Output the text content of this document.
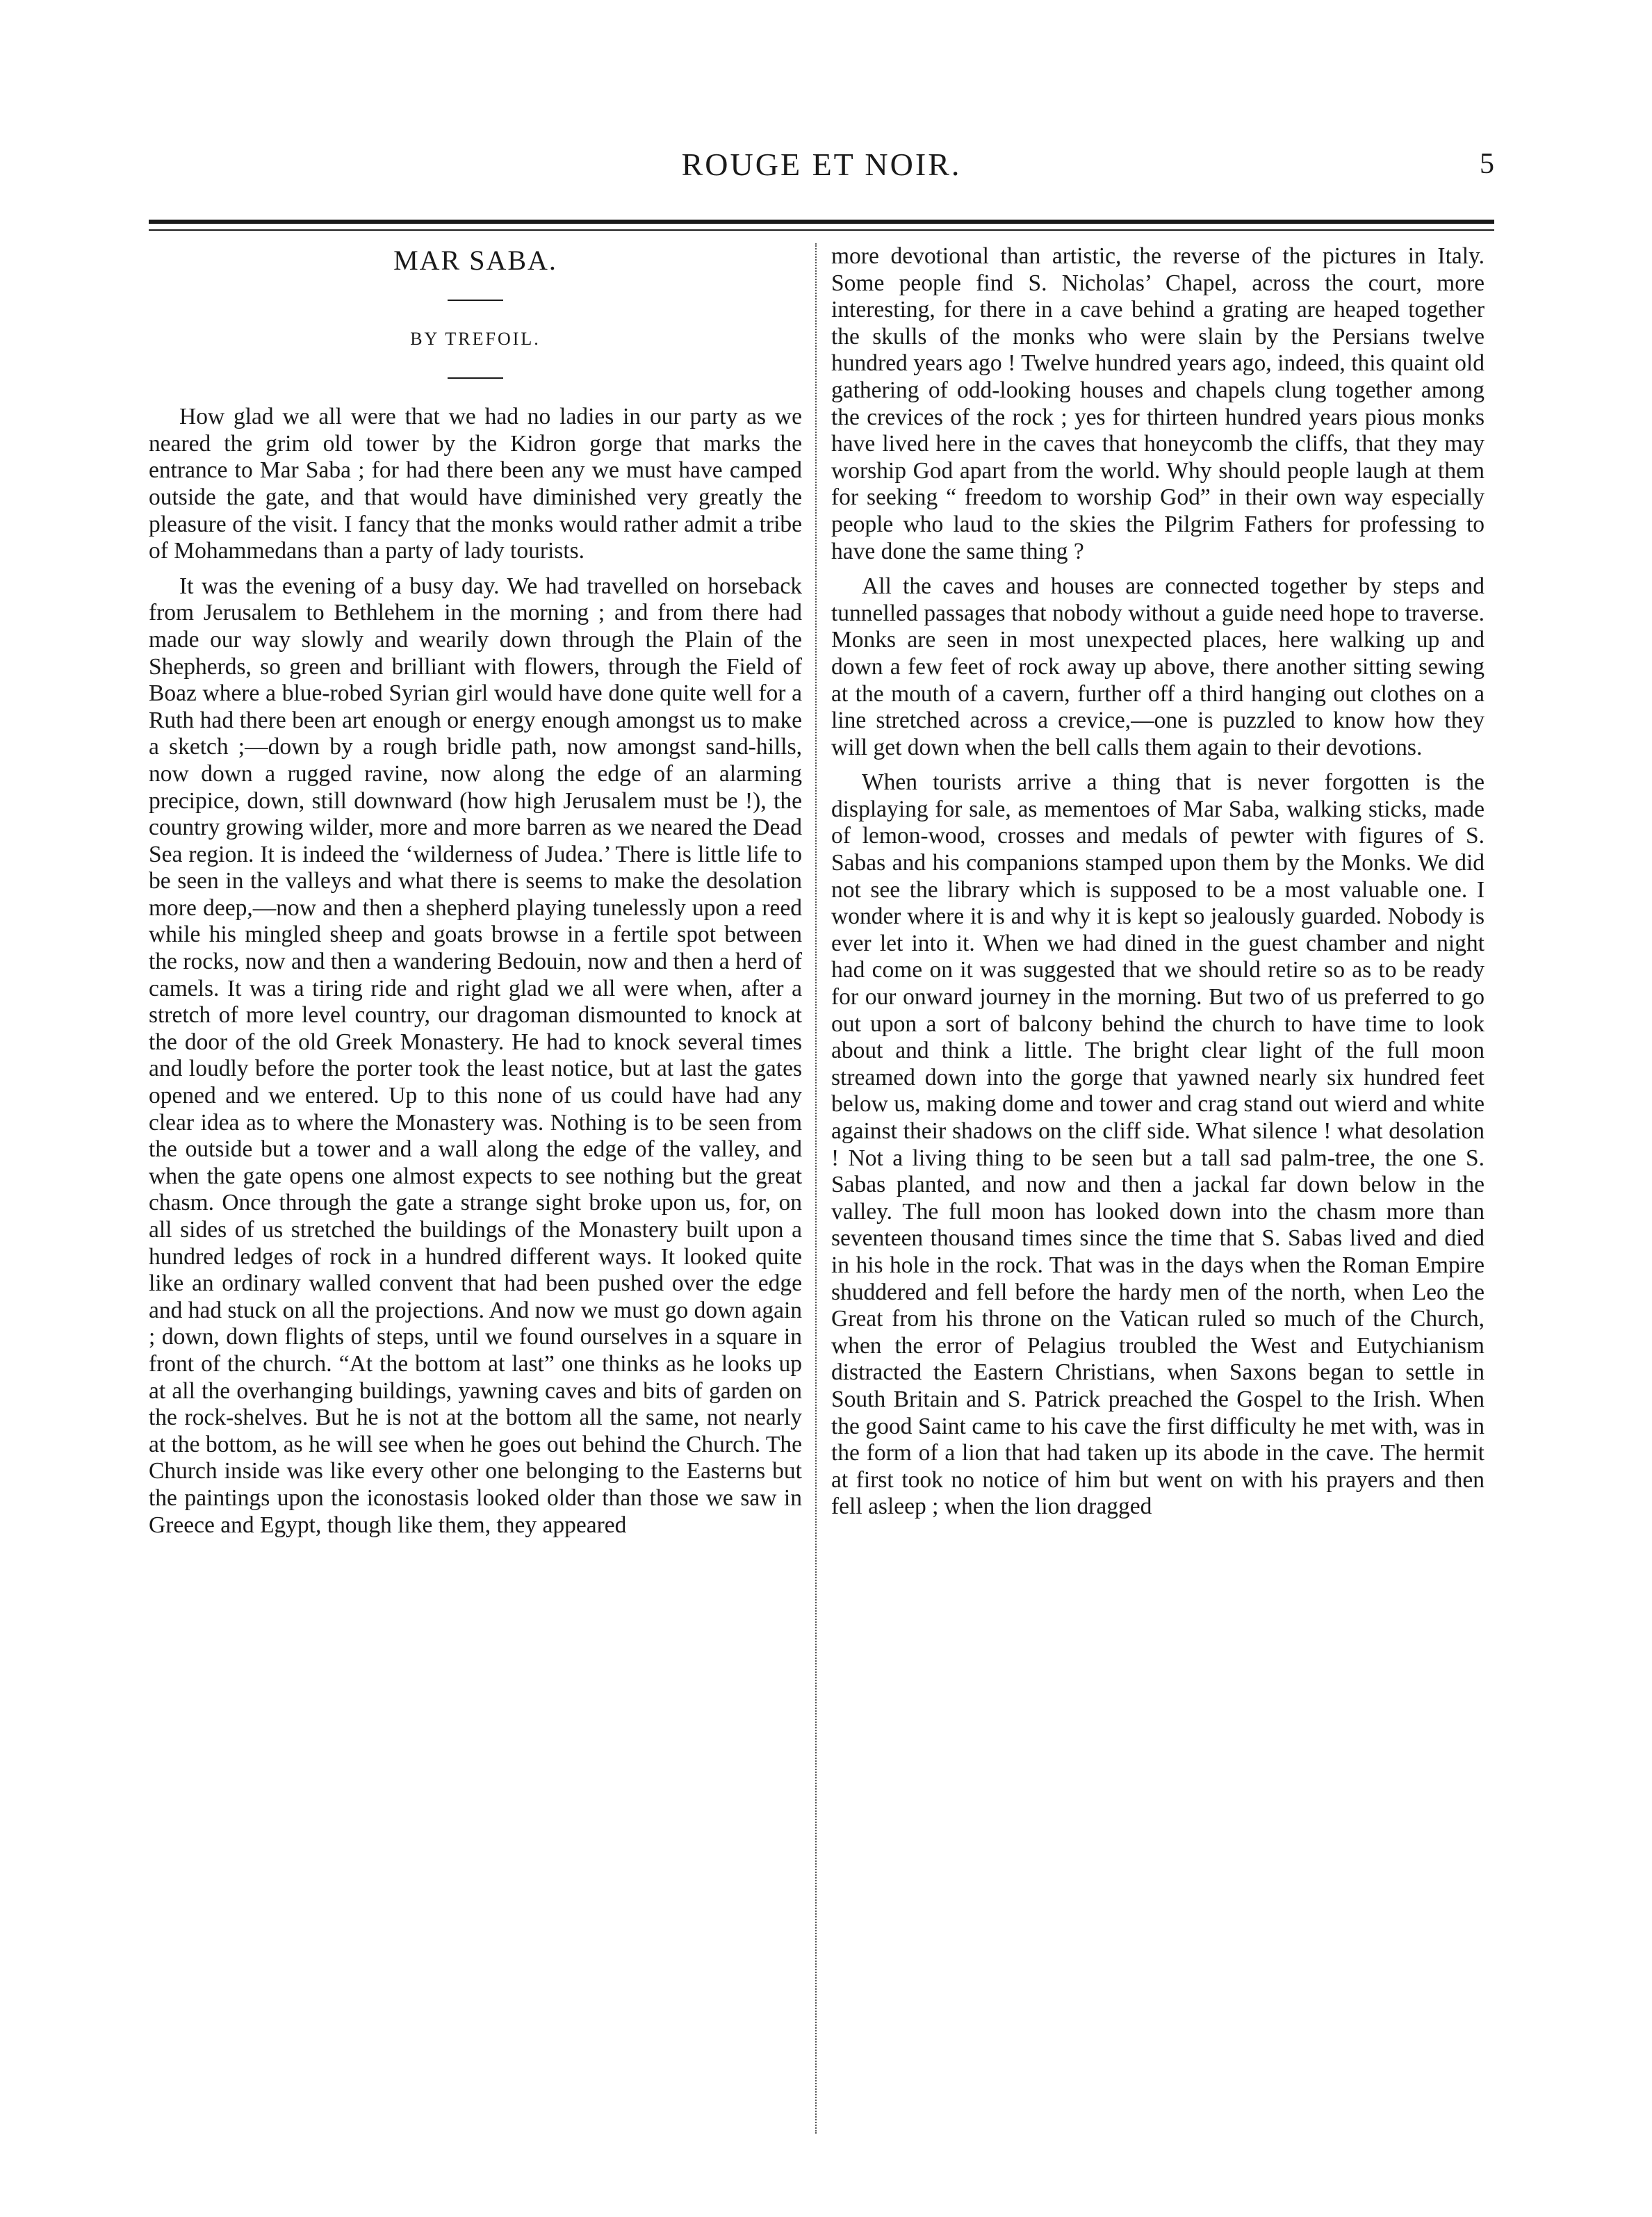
ROUGE ET NOIR.	5
MAR SABA.
BY TREFOIL.

How glad we all were that we had no ladies in our party as we neared the grim old tower by the Kidron gorge that marks the entrance to Mar Saba ; for had there been any we must have camped outside the gate, and that would have diminished very greatly the pleasure of the visit. I fancy that the monks would rather admit a tribe of Mohammedans than a party of lady tourists.

It was the evening of a busy day. We had travelled on horseback from Jerusalem to Bethlehem in the morning ; and from there had made our way slowly and wearily down through the Plain of the Shepherds, so green and brilliant with flowers, through the Field of Boaz where a blue-robed Syrian girl would have done quite well for a Ruth had there been art enough or energy enough amongst us to make a sketch ;—down by a rough bridle path, now amongst sand-hills, now down a rugged ravine, now along the edge of an alarming precipice, down, still downward (how high Jerusalem must be !), the country growing wilder, more and more barren as we neared the Dead Sea region. It is indeed the ‘wilderness of Judea.’ There is little life to be seen in the valleys and what there is seems to make the desolation more deep,—now and then a shepherd playing tunelessly upon a reed while his mingled sheep and goats browse in a fertile spot between the rocks, now and then a wandering Bedouin, now and then a herd of camels. It was a tiring ride and right glad we all were when, after a stretch of more level country, our dragoman dismounted to knock at the door of the old Greek Monastery. He had to knock several times and loudly before the porter took the least notice, but at last the gates opened and we entered. Up to this none of us could have had any clear idea as to where the Monastery was. Nothing is to be seen from the outside but a tower and a wall along the edge of the valley, and when the gate opens one almost expects to see nothing but the great chasm. Once through the gate a strange sight broke upon us, for, on all sides of us stretched the buildings of the Monastery built upon a hundred ledges of rock in a hundred different ways. It looked quite like an ordinary walled convent that had been pushed over the edge and had stuck on all the projections. And now we must go down again ; down, down flights of steps, until we found ourselves in a square in front of the church. “At the bottom at last” one thinks as he looks up at all the overhanging buildings, yawning caves and bits of garden on the rock-shelves. But he is not at the bottom all the same, not nearly at the bottom, as he will see when he goes out behind the Church. The Church inside was like every other one belonging to the Easterns but the paintings upon the iconostasis looked older than those we saw in Greece and Egypt, though like them, they appeared

more devotional than artistic, the reverse of the pictures in Italy. Some people find S. Nicholas’ Chapel, across the court, more interesting, for there in a cave behind a grating are heaped together the skulls of the monks who were slain by the Persians twelve hundred years ago ! Twelve hundred years ago, indeed, this quaint old gathering of odd-looking houses and chapels clung together among the crevices of the rock ; yes for thirteen hundred years pious monks have lived here in the caves that honeycomb the cliffs, that they may worship God apart from the world. Why should people laugh at them for seeking “ freedom to worship God” in their own way especially people who laud to the skies the Pilgrim Fathers for professing to have done the same thing ?

All the caves and houses are connected together by steps and tunnelled passages that nobody without a guide need hope to traverse. Monks are seen in most unexpected places, here walking up and down a few feet of rock away up above, there another sitting sewing at the mouth of a cavern, further off a third hanging out clothes on a line stretched across a crevice,—one is puzzled to know how they will get down when the bell calls them again to their devotions.

When tourists arrive a thing that is never forgotten is the displaying for sale, as mementoes of Mar Saba, walking sticks, made of lemon-wood, crosses and medals of pewter with figures of S. Sabas and his companions stamped upon them by the Monks. We did not see the library which is supposed to be a most valuable one. I wonder where it is and why it is kept so jealously guarded. Nobody is ever let into it. When we had dined in the guest chamber and night had come on it was suggested that we should retire so as to be ready for our onward journey in the morning. But two of us preferred to go out upon a sort of balcony behind the church to have time to look about and think a little. The bright clear light of the full moon streamed down into the gorge that yawned nearly six hundred feet below us, making dome and tower and crag stand out wierd and white against their shadows on the cliff side. What silence ! what desolation ! Not a living thing to be seen but a tall sad palm-tree, the one S. Sabas planted, and now and then a jackal far down below in the valley. The full moon has looked down into the chasm more than seventeen thousand times since the time that S. Sabas lived and died in his hole in the rock. That was in the days when the Roman Empire shuddered and fell before the hardy men of the north, when Leo the Great from his throne on the Vatican ruled so much of the Church, when the error of Pelagius troubled the West and Eutychianism distracted the Eastern Christians, when Saxons began to settle in South Britain and S. Patrick preached the Gospel to the Irish. When the good Saint came to his cave the first difficulty he met with, was in the form of a lion that had taken up its abode in the cave. The hermit at first took no notice of him but went on with his prayers and then fell asleep ; when the lion dragged
